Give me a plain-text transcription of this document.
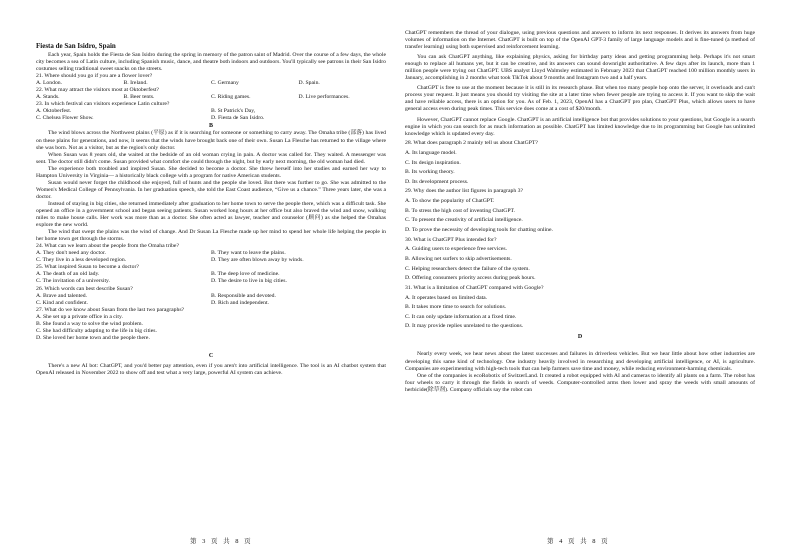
Fiesta de San Isidro, Spain

Each year, Spain holds the Fiesta de San Isidro during the spring in memory of the patron saint of Madrid. Over the course of a few days, the whole city becomes a sea of Latin culture, including Spanish music, dance, and theatre both indoors and outdoors. You'll typically see patrons in their San Isidro costumes selling traditional sweet snacks on the streets.

21. Where should you go if you are a flower lover?
A. London.	B. Ireland.	C. Germany	D. Spain.
22. What may attract the visitors most at Oktoberfest?
A. Stands.	B. Beer tents.	C. Riding games.	D. Live performances.
23. In which festival can visitors experience Latin culture?
A. Oktoberfest.	B. St Patrick's Day,
C. Chelsea Flower Show.	D. Fiesta de San Isidro.
B

The wind blows across the Northwest plains (平原) as if it is searching for someone or something to carry away. The Omaha tribe (部落) has lived on these plains for generations, and now, it seems that the winds have brought back one of their own. Susan La Flesche has returned to the village where she was born. Not as a visitor, but as the region's only doctor.

When Susan was 8 years old, she waited at the bedside of an old woman crying in pain. A doctor was called for. They waited. A messenger was sent. The doctor still didn't come. Susan provided what comfort she could through the night, but by early next morning, the old woman had died.

The experience both troubled and inspired Susan. She decided to become a doctor. She threw herself into her studies and earned her way to Hampton University in Virginia— a historically black college with a program for native American students.

Susan would never forget the childhood she enjoyed, full of hunts and the people she loved. But there was further to go. She was admitted to the Women's Medical College of Pennsylvania. In her graduation speech, she told the East Coast audience, “Give us a chance.” Three years later, she was a doctor.

Instead of staying in big cities, she returned immediately after graduation to her home town to serve the people there, which was a difficult task. She opened an office in a government school and began seeing patients. Susan worked long hours at her office but also braved the wind and snow, walking miles to make house calls. Her work was more than as a doctor. She often acted as lawyer, teacher and counselor (顾问) as she helped the Omahas explore the new world.

The wind that swept the plains was the wind of change. And Dr Susan La Flesche made up her mind to spend her whole life helping the people in her home town get through the storms.

24. What can we learn about the people from the Omaha tribe?
A. They don't need any doctor.	B. They want to leave the plains.
C. They live in a less developed region.	D. They are often blown away by winds.
25. What inspired Susan to become a doctor?
A. The death of an old lady.	B. The deep love of medicine.
C. The invitation of a university.	D. The desire to live in big cities.
26. Which words can best describe Susan?
A. Brave and talented.	B. Responsible and devoted.
C. Kind and confident.	D. Rich and independent.
27. What do we know about Susan from the last two paragraphs?
A. She set up a private office in a city.
B. She found a way to solve the wind problem.
C. She had difficulty adapting to the life in big cities.
D. She loved her home town and the people there.
C

There's a new AI bot: ChatGPT, and you'd better pay attention, even if you aren't into artificial intelligence. The tool is an AI chatbot system that OpenAI released in November 2022 to show off and test what a very large, powerful AI system can achieve.

第 3 页 共 8 页

ChatGPT remembers the thread of your dialogue, using previous questions and answers to inform its next responses. It derives its answers from huge volumes of information on the Internet. ChatGPT is built on top of the OpenAI GPT-3 family of large language models and is fine-tuned (a method of transfer learning) using both supervised and reinforcement learning.

You can ask ChatGPT anything, like explaining physics, asking for birthday party ideas and getting programming help. Perhaps it's not smart enough to replace all humans yet, but it can be creative, and its answers can sound downright authoritative. A few days after its launch, more than 1 million people were trying out ChatGPT. UBS analyst Lloyd Walmsley estimated in February 2023 that ChatGPT reached 100 million monthly users in January, accomplishing in 2 months what took TikTok about 9 months and Instagram two and a half years.

ChatGPT is free to use at the moment because it is still in its research phase. But when too many people hop onto the server, it overloads and can't process your request. It just means you should try visiting the site at a later time when fewer people are trying to access it. If you want to skip the wait and have reliable access, there is an option for you. As of Feb. 1, 2023, OpenAI has a ChatGPT pro plan, ChatGPT Plus, which allows users to have general access even during peak times. This service does come at a cost of $20/month.

However, ChatGPT cannot replace Google. ChatGPT is an artificial intelligence bot that provides solutions to your questions, but Google is a search engine in which you can search for as much information as possible. ChatGPT has limited knowledge due to its programming but Google has unlimited knowledge which is updated every day.

28. What does paragraph 2 mainly tell us about ChatGPT?
A. Its language model.
C. Its design inspiration.
B. Its working theory.
D. Its development process.
29. Why does the author list figures in paragraph 3?
A. To show the popularity of ChatGPT.
B. To stress the high cost of inventing ChatGPT.
C. To present the creativity of artificial intelligence.
D. To prove the necessity of developing tools for chatting online.
30. What is ChatGPT Plus intended for?
A. Guiding users to experience free services.
B. Allowing net surfers to skip advertisements.
C. Helping researchers detect the failure of the system.
D. Offering consumers priority access during peak hours.
31. What is a limitation of ChatGPT compared with Google?
A. It operates based on limited data.
B. It takes more time to search for solutions.
C. It can only update information at a fixed time.
D. It may provide replies unrelated to the questions.
D

Nearly every week, we hear news about the latest successes and failures in driverless vehicles. But we hear little about how other industries are developing this same kind of technology. One industry heavily involved in researching and developing artificial intelligence, or AI, is agriculture. Companies are experimenting with high-tech tools that can help farmers save time and money, while reducing environment-harming chemicals.

One of the companies is ecoRobotix of SwitzerLand. It created a robot equipped with AI and cameras to identify all plants on a farm. The robot has four wheels to carry it through the fields in search of weeds. Computer-controlled arms then lower and spray the weeds with small amounts of herbicide(除草剂). Company officials say the robot can

第 4 页 共 8 页
